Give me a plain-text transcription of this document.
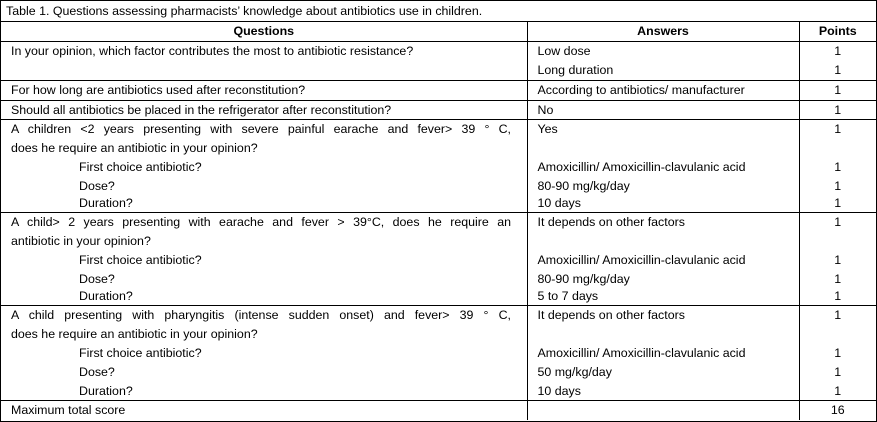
Table 1. Questions assessing pharmacists’ knowledge about antibiotics use in children.
Questions	Answers	Points
In your opinion, which factor contributes the most to antibiotic resistance?	Low dose	1
	Long duration	1
For how long are antibiotics used after reconstitution?	According to antibiotics/ manufacturer	1
Should all antibiotics be placed in the refrigerator after reconstitution?	No	1

A children <2 years presenting with severe painful earache and fever> 39 ° C,
does he require an antibiotic in your opinion?	Yes	1

First choice antibiotic?	Amoxicillin/ Amoxicillin-clavulanic acid	1
Dose?	80-90 mg/kg/day	1
Duration?	10 days	1

A child> 2 years presenting with earache and fever > 39°C, does he require an
antibiotic in your opinion?	It depends on other factors	1

First choice antibiotic?	Amoxicillin/ Amoxicillin-clavulanic acid	1
Dose?	80-90 mg/kg/day	1
Duration?	5 to 7 days	1

A child presenting with pharyngitis (intense sudden onset) and fever> 39 ° C,
does he require an antibiotic in your opinion?	It depends on other factors	1

First choice antibiotic?	Amoxicillin/ Amoxicillin-clavulanic acid	1
Dose?	50 mg/kg/day	1
Duration?	10 days	1
Maximum total score		16
